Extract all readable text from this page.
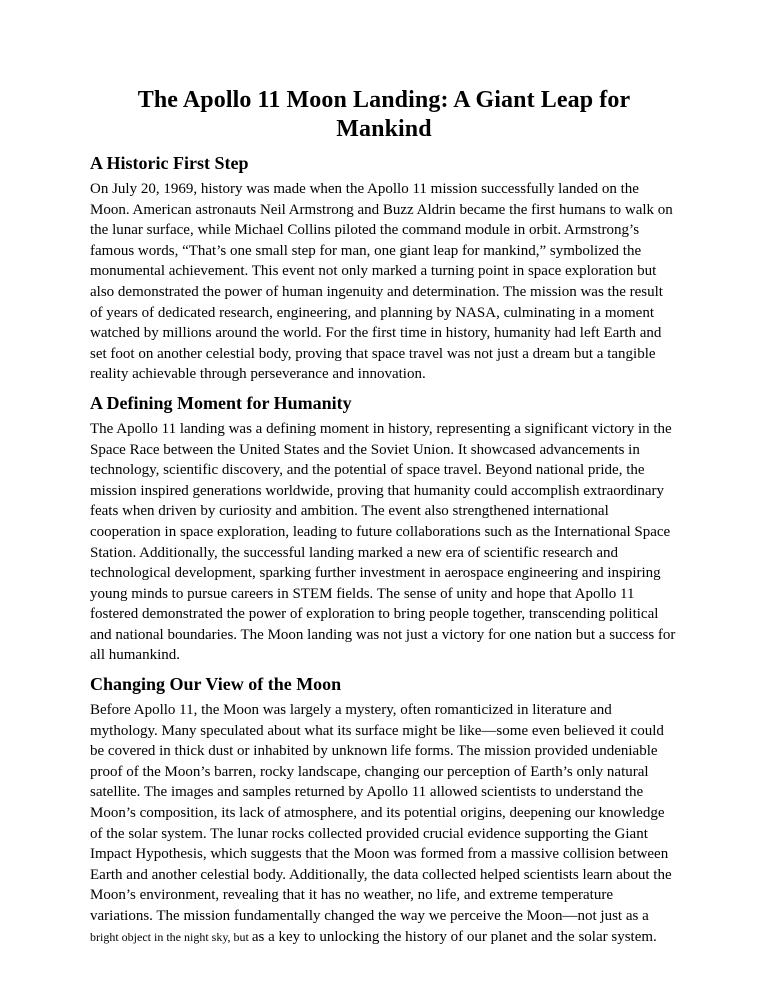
The Apollo 11 Moon Landing: A Giant Leap for Mankind
A Historic First Step

On July 20, 1969, history was made when the Apollo 11 mission successfully landed on the Moon. American astronauts Neil Armstrong and Buzz Aldrin became the first humans to walk on the lunar surface, while Michael Collins piloted the command module in orbit. Armstrong’s famous words, “That’s one small step for man, one giant leap for mankind,” symbolized the monumental achievement. This event not only marked a turning point in space exploration but also demonstrated the power of human ingenuity and determination. The mission was the result of years of dedicated research, engineering, and planning by NASA, culminating in a moment watched by millions around the world. For the first time in history, humanity had left Earth and set foot on another celestial body, proving that space travel was not just a dream but a tangible reality achievable through perseverance and innovation.

A Defining Moment for Humanity

The Apollo 11 landing was a defining moment in history, representing a significant victory in the Space Race between the United States and the Soviet Union. It showcased advancements in technology, scientific discovery, and the potential of space travel. Beyond national pride, the mission inspired generations worldwide, proving that humanity could accomplish extraordinary feats when driven by curiosity and ambition. The event also strengthened international cooperation in space exploration, leading to future collaborations such as the International Space Station. Additionally, the successful landing marked a new era of scientific research and technological development, sparking further investment in aerospace engineering and inspiring young minds to pursue careers in STEM fields. The sense of unity and hope that Apollo 11 fostered demonstrated the power of exploration to bring people together, transcending political and national boundaries. The Moon landing was not just a victory for one nation but a success for all humankind.

Changing Our View of the Moon

Before Apollo 11, the Moon was largely a mystery, often romanticized in literature and mythology. Many speculated about what its surface might be like—some even believed it could be covered in thick dust or inhabited by unknown life forms. The mission provided undeniable proof of the Moon’s barren, rocky landscape, changing our perception of Earth’s only natural satellite. The images and samples returned by Apollo 11 allowed scientists to understand the Moon’s composition, its lack of atmosphere, and its potential origins, deepening our knowledge of the solar system. The lunar rocks collected provided crucial evidence supporting the Giant Impact Hypothesis, which suggests that the Moon was formed from a massive collision between Earth and another celestial body. Additionally, the data collected helped scientists learn about the Moon’s environment, revealing that it has no weather, no life, and extreme temperature variations. The mission fundamentally changed the way we perceive the Moon—not just as a bright object in the night sky, but as a key to unlocking the history of our planet and the solar system.
